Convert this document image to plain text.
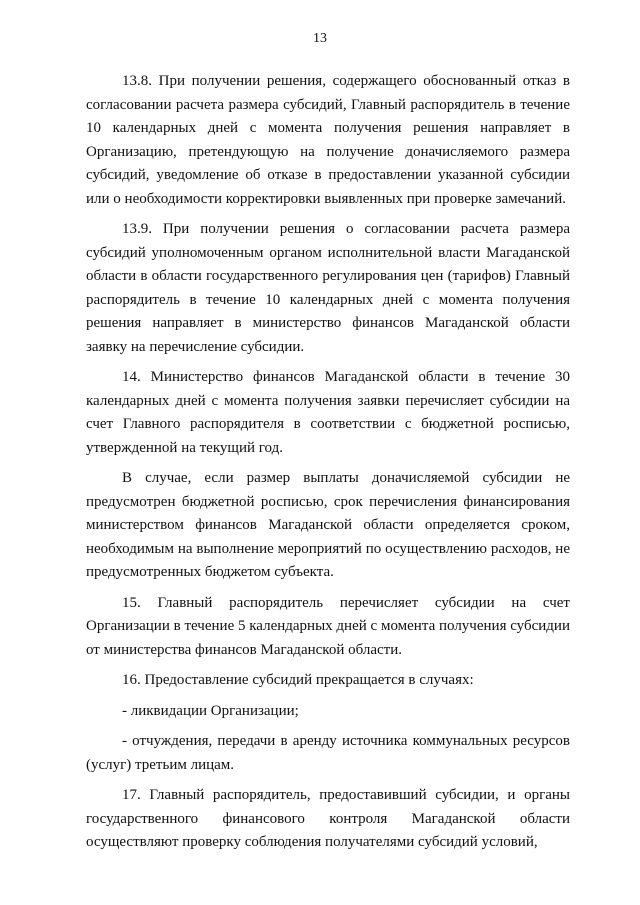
13

13.8. При получении решения, содержащего обоснованный отказ в согласовании расчета размера субсидий, Главный распорядитель в течение 10 календарных дней с момента получения решения направляет в Организацию, претендующую на получение доначисляемого размера субсидий, уведомление об отказе в предоставлении указанной субсидии или о необходимости корректировки выявленных при проверке замечаний.

13.9. При получении решения о согласовании расчета размера субсидий уполномоченным органом исполнительной власти Магаданской области в области государственного регулирования цен (тарифов) Главный распорядитель в течение 10 календарных дней с момента получения решения направляет в министерство финансов Магаданской области заявку на перечисление субсидии.

14. Министерство финансов Магаданской области в течение 30 календарных дней с момента получения заявки перечисляет субсидии на счет Главного распорядителя в соответствии с бюджетной росписью, утвержденной на текущий год.

В случае, если размер выплаты доначисляемой субсидии не предусмотрен бюджетной росписью, срок перечисления финансирования министерством финансов Магаданской области определяется сроком, необходимым на выполнение мероприятий по осуществлению расходов, не предусмотренных бюджетом субъекта.

15. Главный распорядитель перечисляет субсидии на счет Организации в течение 5 календарных дней с момента получения субсидии от министерства финансов Магаданской области.

16. Предоставление субсидий прекращается в случаях:

- ликвидации Организации;

- отчуждения, передачи в аренду источника коммунальных ресурсов (услуг) третьим лицам.

17. Главный распорядитель, предоставивший субсидии, и органы государственного финансового контроля Магаданской области осуществляют проверку соблюдения получателями субсидий условий,
